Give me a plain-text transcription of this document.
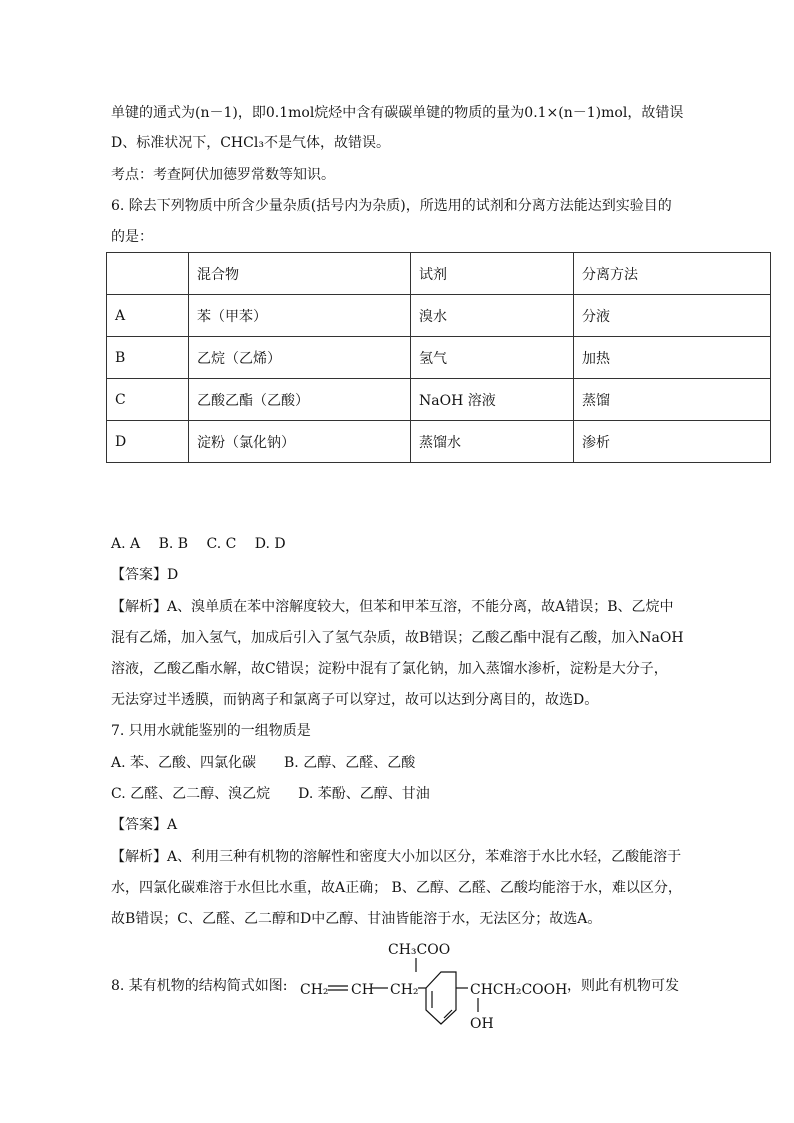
单键的通式为(n－1)，即0.1mol烷烃中含有碳碳单键的物质的量为0.1×(n－1)mol，故错误
D、标准状况下，CHCl₃不是气体，故错误。
考点：考查阿伏加德罗常数等知识。
6. 除去下列物质中所含少量杂质(括号内为杂质)，所选用的试剂和分离方法能达到实验目的
的是：
	混合物	试剂	分离方法
A	苯（甲苯）	溴水	分液
B	乙烷（乙烯）	氢气	加热
C	乙酸乙酯（乙酸）	NaOH 溶液	蒸馏
D	淀粉（氯化钠）	蒸馏水	渗析
A. A　 B. B　 C. C　 D. D
【答案】D
【解析】A、溴单质在苯中溶解度较大，但苯和甲苯互溶，不能分离，故A错误；B、乙烷中
混有乙烯，加入氢气，加成后引入了氢气杂质，故B错误；乙酸乙酯中混有乙酸，加入NaOH
溶液，乙酸乙酯水解，故C错误；淀粉中混有了氯化钠，加入蒸馏水渗析，淀粉是大分子，
无法穿过半透膜，而钠离子和氯离子可以穿过，故可以达到分离目的，故选D。
7. 只用水就能鉴别的一组物质是
A. 苯、乙酸、四氯化碳　　B. 乙醇、乙醛、乙酸
C. 乙醛、乙二醇、溴乙烷　　D. 苯酚、乙醇、甘油
【答案】A
【解析】A、利用三种有机物的溶解性和密度大小加以区分，苯难溶于水比水轻，乙酸能溶于
水，四氯化碳难溶于水但比水重，故A正确； B、乙醇、乙醛、乙酸均能溶于水，难以区分，
故B错误；C、乙醛、乙二醇和D中乙醇、甘油皆能溶于水，无法区分；故选A。
8. 某有机物的结构简式如图:	，则此有机物可发
CH₃COO
CH₂ CH CH₂	CHCH₂COOH
OH
